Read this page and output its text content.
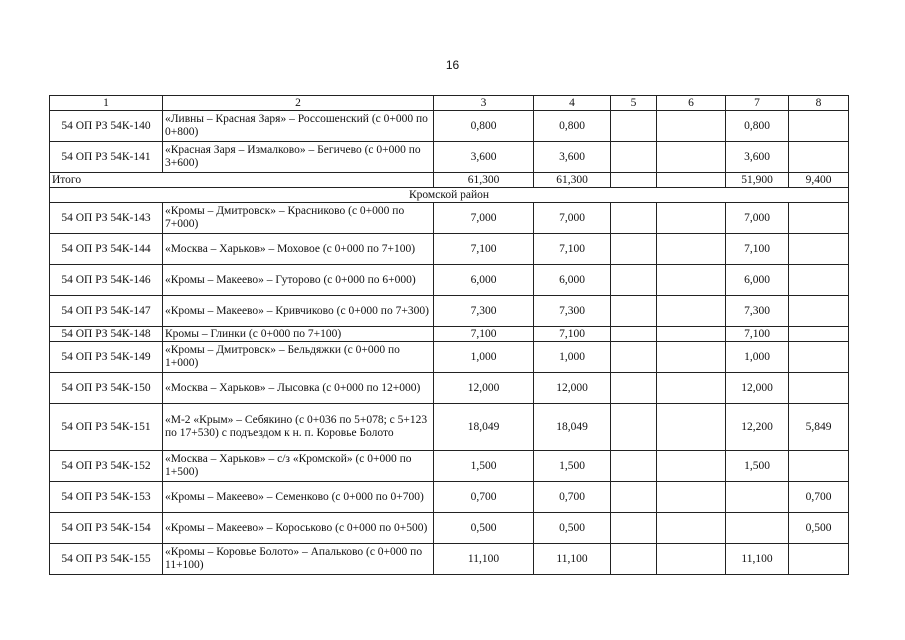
16
1	2	3	4	5	6	7	8
54 ОП РЗ 54К-140	«Ливны – Красная Заря» – Россошенский (с 0+000 по 0+800)	0,800	0,800			0,800	
54 ОП РЗ 54К-141	«Красная Заря – Измалково» – Бегичево (с 0+000 по 3+600)	3,600	3,600			3,600	
Итого		61,300	61,300			51,900	9,400
Кромской район							
54 ОП РЗ 54К-143	«Кромы – Дмитровск» – Красниково (с 0+000 по 7+000)	7,000	7,000			7,000	
54 ОП РЗ 54К-144	«Москва – Харьков» – Моховое (с 0+000 по 7+100)	7,100	7,100			7,100	
54 ОП РЗ 54К-146	«Кромы – Макеево» – Гуторово (с 0+000 по 6+000)	6,000	6,000			6,000	
54 ОП РЗ 54К-147	«Кромы – Макеево» – Кривчиково (с 0+000 по 7+300)	7,300	7,300			7,300	
54 ОП РЗ 54К-148	Кромы – Глинки (с 0+000 по 7+100)	7,100	7,100			7,100	
54 ОП РЗ 54К-149	«Кромы – Дмитровск» – Бельдяжки (с 0+000 по 1+000)	1,000	1,000			1,000	
54 ОП РЗ 54К-150	«Москва – Харьков» – Лысовка (с 0+000 по 12+000)	12,000	12,000			12,000	
54 ОП РЗ 54К-151	«М-2 «Крым» – Себякино (с 0+036 по 5+078; с 5+123 по 17+530) с подъездом к н. п. Коровье Болото	18,049	18,049			12,200	5,849
54 ОП РЗ 54К-152	«Москва – Харьков» – с/з «Кромской» (с 0+000 по 1+500)	1,500	1,500			1,500	
54 ОП РЗ 54К-153	«Кромы – Макеево» – Семенково (с 0+000 по 0+700)	0,700	0,700				0,700
54 ОП РЗ 54К-154	«Кромы – Макеево» – Короськово (с 0+000 по 0+500)	0,500	0,500				0,500
54 ОП РЗ 54К-155	«Кромы – Коровье Болото» – Апальково (с 0+000 по 11+100)	11,100	11,100			11,100	
